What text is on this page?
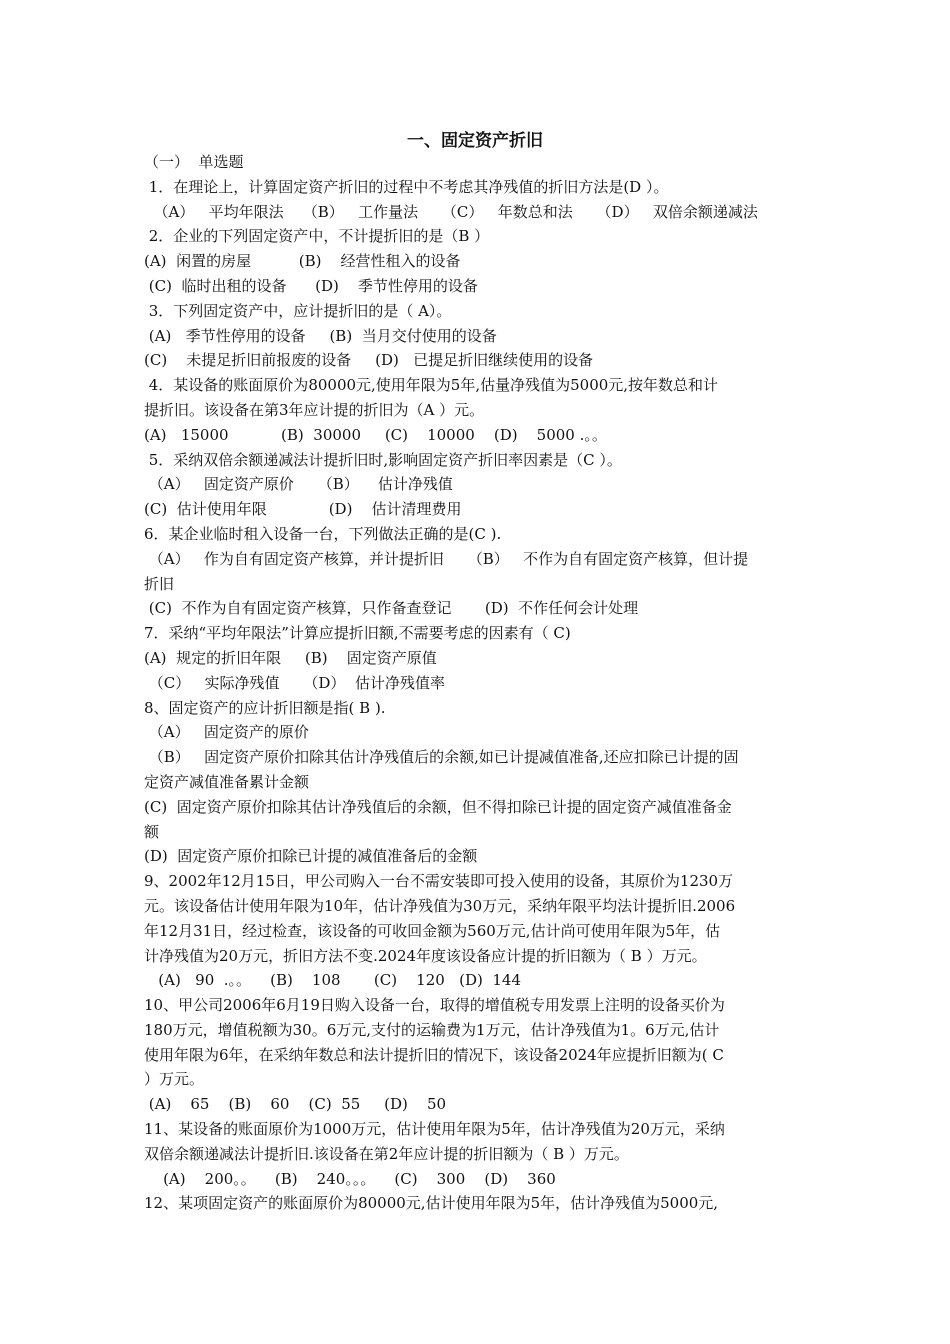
一、固定资产折旧
（一）  单选题
1．在理论上，计算固定资产折旧的过程中不考虑其净残值的折旧方法是(D ）。
（A）   平均年限法    （B）   工作量法     （C）   年数总和法     （D）   双倍余额递减法
2．企业的下列固定资产中，不计提折旧的是（B ）
(A)  闲置的房屋          (B)    经营性租入的设备
(C)  临时出租的设备      (D)    季节性停用的设备
3．下列固定资产中，应计提折旧的是（ A）。
(A)   季节性停用的设备     (B)  当月交付使用的设备
(C)    未提足折旧前报废的设备     (D)   已提足折旧继续使用的设备
4．某设备的账面原价为80000元,使用年限为5年,估量净残值为5000元,按年数总和计
提折旧。该设备在第3年应计提的折旧为（A ）元。
(A)   15000           (B)  30000     (C)    10000    (D)    5000 .。。
5．采纳双倍余额递减法计提折旧时,影响固定资产折旧率因素是（C ）。
（A）   固定资产原价     （B）    估计净残值
(C)  估计使用年限             (D)    估计清理费用
6．某企业临时租入设备一台，下列做法正确的是(C ).
（A）   作为自有固定资产核算，并计提折旧     （B）   不作为自有固定资产核算，但计提
折旧
(C)  不作为自有固定资产核算，只作备查登记       (D)  不作任何会计处理
7．采纳“平均年限法”计算应提折旧额,不需要考虑的因素有（ C)
(A)  规定的折旧年限     (B)    固定资产原值
（C）   实际净残值     （D）  估计净残值率
8、固定资产的应计折旧额是指( B ).
（A）   固定资产的原价
（B）   固定资产原价扣除其估计净残值后的余额,如已计提减值准备,还应扣除已计提的固
定资产减值准备累计金额
(C)  固定资产原价扣除其估计净残值后的余额，但不得扣除已计提的固定资产减值准备金
额
(D)  固定资产原价扣除已计提的减值准备后的金额
9、2002年12月15日，甲公司购入一台不需安装即可投入使用的设备，其原价为1230万
元。该设备估计使用年限为10年，估计净残值为30万元，采纳年限平均法计提折旧.2006
年12月31日，经过检查，该设备的可收回金额为560万元,估计尚可使用年限为5年，估
计净残值为20万元，折旧方法不变.2024年度该设备应计提的折旧额为（ B ）万元。
(A)   90  .。。    (B)    108       (C)    120   (D)  144
10、甲公司2006年6月19日购入设备一台，取得的增值税专用发票上注明的设备买价为
180万元，增值税额为30。6万元,支付的运输费为1万元，估计净残值为1。6万元,估计
使用年限为6年，在采纳年数总和法计提折旧的情况下，该设备2024年应提折旧额为( C
）万元。
(A)    65    (B)    60    (C)  55     (D)    50
11、某设备的账面原价为1000万元，估计使用年限为5年，估计净残值为20万元，采纳
双倍余额递减法计提折旧.该设备在第2年应计提的折旧额为（ B ）万元。
(A)    200。。    (B)    240。。。    (C)    300    (D)    360
12、某项固定资产的账面原价为80000元,估计使用年限为5年，估计净残值为5000元,
